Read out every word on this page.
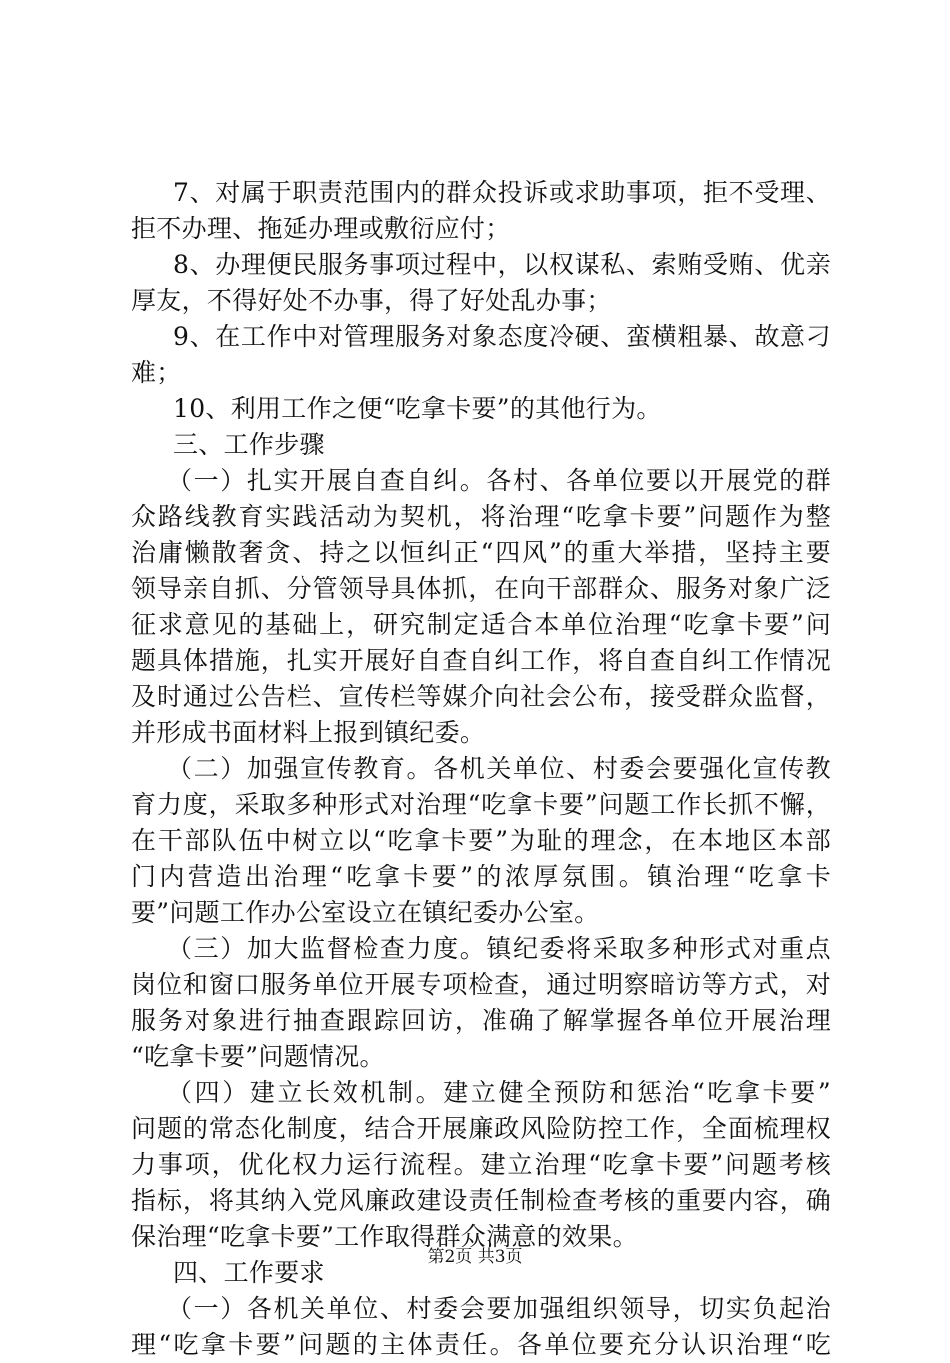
7、对属于职责范围内的群众投诉或求助事项，拒不受理、
拒不办理、拖延办理或敷衍应付；

8、办理便民服务事项过程中，以权谋私、索贿受贿、优亲
厚友，不得好处不办事，得了好处乱办事；

9、在工作中对管理服务对象态度冷硬、蛮横粗暴、故意刁
难；

10、利用工作之便“吃拿卡要”的其他行为。

三、工作步骤

（一）扎实开展自查自纠。各村、各单位要以开展党的群
众路线教育实践活动为契机，将治理“吃拿卡要”问题作为整
治庸懒散奢贪、持之以恒纠正“四风”的重大举措，坚持主要
领导亲自抓、分管领导具体抓，在向干部群众、服务对象广泛
征求意见的基础上，研究制定适合本单位治理“吃拿卡要”问
题具体措施，扎实开展好自查自纠工作，将自查自纠工作情况
及时通过公告栏、宣传栏等媒介向社会公布，接受群众监督，
并形成书面材料上报到镇纪委。

（二）加强宣传教育。各机关单位、村委会要强化宣传教
育力度，采取多种形式对治理“吃拿卡要”问题工作长抓不懈，
在干部队伍中树立以“吃拿卡要”为耻的理念，在本地区本部
门内营造出治理“吃拿卡要”的浓厚氛围。镇治理“吃拿卡
要”问题工作办公室设立在镇纪委办公室。

（三）加大监督检查力度。镇纪委将采取多种形式对重点
岗位和窗口服务单位开展专项检查，通过明察暗访等方式，对
服务对象进行抽查跟踪回访，准确了解掌握各单位开展治理
“吃拿卡要”问题情况。

（四）建立长效机制。建立健全预防和惩治“吃拿卡要”
问题的常态化制度，结合开展廉政风险防控工作，全面梳理权
力事项，优化权力运行流程。建立治理“吃拿卡要”问题考核
指标，将其纳入党风廉政建设责任制检查考核的重要内容，确
保治理“吃拿卡要”工作取得群众满意的效果。

四、工作要求

（一）各机关单位、村委会要加强组织领导，切实负起治
理“吃拿卡要”问题的主体责任。各单位要充分认识治理“吃

第2页 共3页
